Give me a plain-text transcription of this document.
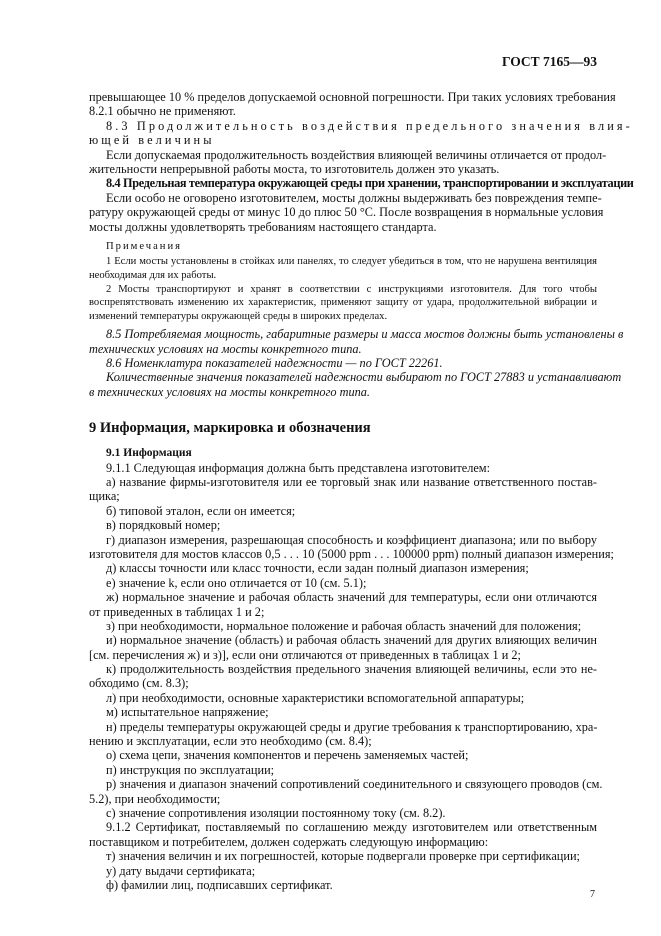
ГОСТ 7165—93
превышающее 10 % пределов допускаемой основной погрешности. При таких условиях требования
8.2.1 обычно не применяют.
8.3 Продолжительность воздействия предельного значения влия-
ющей величины
Если допускаемая продолжительность воздействия влияющей величины отличается от продол-
жительности непрерывной работы моста, то изготовитель должен это указать.
8.4 Предельная температура окружающей среды при хранении, транспортировании и эксплуатации
Если особо не оговорено изготовителем, мосты должны выдерживать без повреждения темпе-
ратуру окружающей среды от минус 10 до плюс 50 °С. После возвращения в нормальные условия
мосты должны удовлетворять требованиям настоящего стандарта.
Примечания
1 Если мосты установлены в стойках или панелях, то следует убедиться в том, что не нарушена вентиляция
необходимая для их работы.
2 Мосты транспортируют и хранят в соответствии с инструкциями изготовителя. Для того чтобы
воспрепятствовать изменению их характеристик, применяют защиту от удара, продолжительной вибрации и
изменений температуры окружающей среды в широких пределах.
8.5 Потребляемая мощность, габаритные размеры и масса мостов должны быть установлены в
технических условиях на мосты конкретного типа.
8.6 Номенклатура показателей надежности — по ГОСТ 22261.
Количественные значения показателей надежности выбирают по ГОСТ 27883 и устанавливают
в технических условиях на мосты конкретного типа.
9 Информация, маркировка и обозначения
9.1 Информация
9.1.1 Следующая информация должна быть представлена изготовителем:
а) название фирмы-изготовителя или ее торговый знак или название ответственного постав-
щика;
б) типовой эталон, если он имеется;
в) порядковый номер;
г) диапазон измерения, разрешающая способность и коэффициент диапазона; или по выбору
изготовителя для мостов классов 0,5 . . . 10 (5000 ppm . . . 100000 ppm) полный диапазон измерения;
д) классы точности или класс точности, если задан полный диапазон измерения;
е) значение k, если оно отличается от 10 (см. 5.1);
ж) нормальное значение и рабочая область значений для температуры, если они отличаются
от приведенных в таблицах 1 и 2;
з) при необходимости, нормальное положение и рабочая область значений для положения;
и) нормальное значение (область) и рабочая область значений для других влияющих величин
[см. перечисления ж) и з)], если они отличаются от приведенных в таблицах 1 и 2;
к) продолжительность воздействия предельного значения влияющей величины, если это не-
обходимо (см. 8.3);
л) при необходимости, основные характеристики вспомогательной аппаратуры;
м) испытательное напряжение;
н) пределы температуры окружающей среды и другие требования к транспортированию, хра-
нению и эксплуатации, если это необходимо (см. 8.4);
о) схема цепи, значения компонентов и перечень заменяемых частей;
п) инструкция по эксплуатации;
р) значения и диапазон значений сопротивлений соединительного и связующего проводов (см.
5.2), при необходимости;
с) значение сопротивления изоляции постоянному току (см. 8.2).
9.1.2 Сертификат, поставляемый по соглашению между изготовителем или ответственным
поставщиком и потребителем, должен содержать следующую информацию:
т) значения величин и их погрешностей, которые подвергали проверке при сертификации;
у) дату выдачи сертификата;
ф) фамилии лиц, подписавших сертификат.
7
